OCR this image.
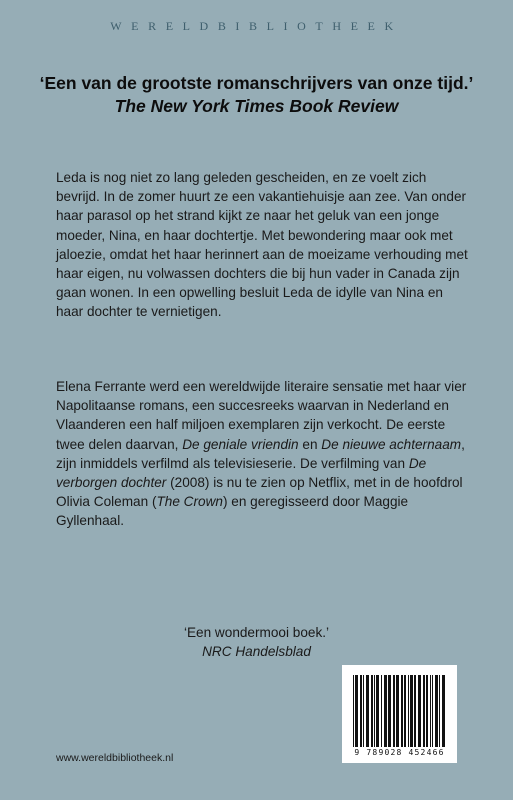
WERELDBIBLIOTHEEK
‘Een van de grootste romanschrijvers van onze tijd.’
The New York Times Book Review
Leda is nog niet zo lang geleden gescheiden, en ze voelt zich bevrijd. In de zomer huurt ze een vakantiehuisje aan zee. Van onder haar parasol op het strand kijkt ze naar het geluk van een jonge moeder, Nina, en haar dochtertje. Met bewondering maar ook met jaloezie, omdat het haar herinnert aan de moeizame verhouding met haar eigen, nu volwassen dochters die bij hun vader in Canada zijn gaan wonen. In een opwelling besluit Leda de idylle van Nina en haar dochter te vernietigen.
Elena Ferrante werd een wereldwijde literaire sensatie met haar vier Napolitaanse romans, een succesreeks waarvan in Nederland en Vlaanderen een half miljoen exemplaren zijn verkocht. De eerste twee delen daarvan, De geniale vriendin en De nieuwe achternaam, zijn inmiddels verfilmd als televisieserie. De verfilming van De verborgen dochter (2008) is nu te zien op Netflix, met in de hoofdrol Olivia Coleman (The Crown) en geregisseerd door Maggie Gyllenhaal.
‘Een wondermooi boek.’
NRC Handelsblad
www.wereldbibliotheek.nl	9 789028 452466
